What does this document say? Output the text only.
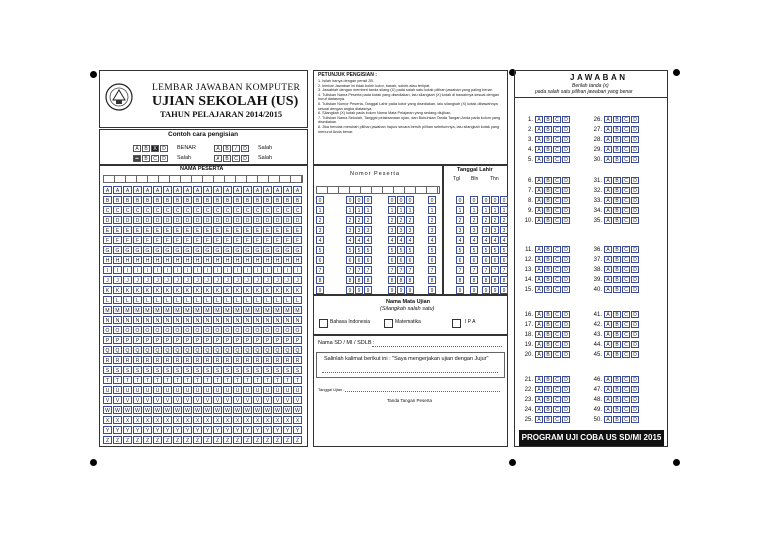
LEMBAR JAWABAN KOMPUTER
UJIAN SEKOLAH (US)
TAHUN PELAJARAN 2014/2015
Contoh cara pengisian
A B X D	BENAR	A B / D	Salah
━ B C D	Salah	✗ B C D	Salah
NAMA PESERTA
A A A A A A A A A A A A A A A A A A A A
B B B B B B B B B B B B B B B B B B B B
C C C C C C C C C C C C C C C C C C C C
D D D D D D D D D D D D D D D D D D D D
E E E E E E E E E E E E E E E E E E E E
F F F F F F F F F F F F F F F F F F F F
G G G G G G G G G G G G G G G G G G G G
H H H H H H H H H H H H H H H H H H H H
I I I I I I I I I I I I I I I I I I I I
J J J J J J J J J J J J J J J J J J J J
K K K K K K K K K K K K K K K K K K K K
L L L L L L L L L L L L L L L L L L L L
M M M M M M M M M M M M M M M M M M M M
N N N N N N N N N N N N N N N N N N N N
O O O O O O O O O O O O O O O O O O O O
P P P P P P P P P P P P P P P P P P P P
Q Q Q Q Q Q Q Q Q Q Q Q Q Q Q Q Q Q Q Q
R R R R R R R R R R R R R R R R R R R R
S S S S S S S S S S S S S S S S S S S S
T T T T T T T T T T T T T T T T T T T T
U U U U U U U U U U U U U U U U U U U U
V V V V V V V V V V V V V V V V V V V V
W W W W W W W W W W W W W W W W W W W W
X X X X X X X X X X X X X X X X X X X X
Y Y Y Y Y Y Y Y Y Y Y Y Y Y Y Y Y Y Y Y
Z Z Z Z Z Z Z Z Z Z Z Z Z Z Z Z Z Z Z Z
PETUNJUK PENGISIAN :
1. Isilah hanya dengan pensil 2B.
2. lembar Jawaban ini tidak boleh kotor, basah, sobek atau terlipat.
3. Jawablah dengan memberi tanda silang (X) pada salah satu kotak pilihan jawaban yang paling benar.
4. Tuliskan Nama Peserta pada kotak yang disediakan, lalu silangkah (X) kotak di bawahnya sesuai dengan huruf diatasnya.
5. Tuliskan Nomor Peserta, Tanggal Lahir pada kotor yang disediakan, lalu silangkah (X) kotak dibawahnya sesuai dengan angka diatasnya.
6. Silangkah (X) kotak pada kolom Nama Mata Pelajaran yang sedang diujikan.
7. Tuliskan Nama Sekolah, Tanggal pelaksanaan ujian, dan Bubuhkan Tanda Tangan Anda pada kolom yang disediakan.
8. Jika hendak merubah pilihan jawaban hapus secara bersih pilihan sebelumnya, lalu silangkah kotak yang menurut Anda benar.
Nomor Peserta
0	0	0	0	0	0	0	0
1	1	1	1	1	1	1	1
2	2	2	2	2	2	2	2
3	3	3	3	3	3	3	3
4	4	4	4	4	4	4	4
5	5	5	5	5	5	5	5
6	6	6	6	6	6	6	6
7	7	7	7	7	7	7	7
8	8	8	8	8	8	8	8
9	9	9	9	9	9	9	9
Tanggal Lahir
Tgl Bln Thn
0	0	0	0	0
1	1	1	1	1
2	2	2	2	2
3	3	3	3	3
4	4	4	4	4
5	5	5	5	5
6	6	6	6	6
7	7	7	7	7
8	8	8	8	8
9	9	9	9	9
Nama Mata Ujian
(Silangkah salah satu)
Bahasa Indonesia	Matematika	I P A
Nama SD / MI / SDLB :
Salinlah kalimat berikut ini : "Saya mengerjakan ujian dengan Jujur"
Tanggal Ujian :
Tanda Tangan Peserta
JAWABAN
Berilah tanda (x)
pada salah satu pilihan jawaban yang benar
1. A B C D
2. A B C D
3. A B C D
4. A B C D
5. A B C D
6. A B C D
7. A B C D
8. A B C D
9. A B C D
10. A B C D
11. A B C D
12. A B C D
13. A B C D
14. A B C D
15. A B C D
16. A B C D
17. A B C D
18. A B C D
19. A B C D
20. A B C D
21. A B C D
22. A B C D
23. A B C D
24. A B C D
25. A B C D
26. A B C D
27. A B C D
28. A B C D
29. A B C D
30. A B C D
31. A B C D
32. A B C D
33. A B C D
34. A B C D
35. A B C D
36. A B C D
37. A B C D
38. A B C D
39. A B C D
40. A B C D
41. A B C D
42. A B C D
43. A B C D
44. A B C D
45. A B C D
46. A B C D
47. A B C D
48. A B C D
49. A B C D
50. A B C D
PROGRAM UJI COBA US SD/MI 2015
